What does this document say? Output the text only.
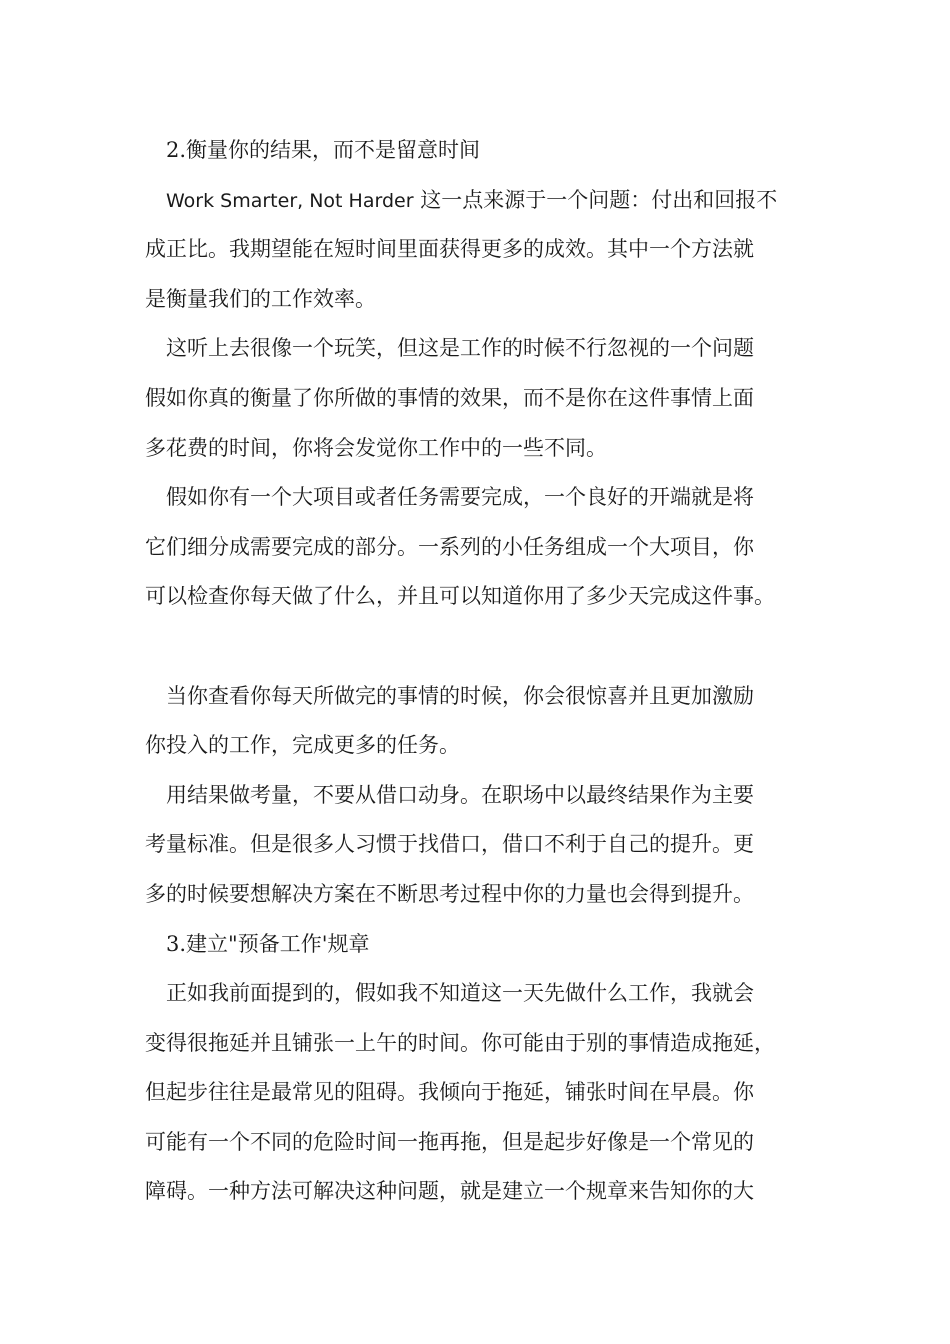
2.衡量你的结果，而不是留意时间
Work Smarter, Not Harder 这一点来源于一个问题：付出和回报不
成正比。我期望能在短时间里面获得更多的成效。其中一个方法就
是衡量我们的工作效率。
这听上去很像一个玩笑，但这是工作的时候不行忽视的一个问题
假如你真的衡量了你所做的事情的效果，而不是你在这件事情上面
多花费的时间，你将会发觉你工作中的一些不同。
假如你有一个大项目或者任务需要完成，一个良好的开端就是将
它们细分成需要完成的部分。一系列的小任务组成一个大项目，你
可以检查你每天做了什么，并且可以知道你用了多少天完成这件事。
当你查看你每天所做完的事情的时候，你会很惊喜并且更加激励
你投入的工作，完成更多的任务。
用结果做考量，不要从借口动身。在职场中以最终结果作为主要
考量标准。但是很多人习惯于找借口，借口不利于自己的提升。更
多的时候要想解决方案在不断思考过程中你的力量也会得到提升。
3.建立"预备工作'规章
正如我前面提到的，假如我不知道这一天先做什么工作，我就会
变得很拖延并且铺张一上午的时间。你可能由于别的事情造成拖延，
但起步往往是最常见的阻碍。我倾向于拖延，铺张时间在早晨。你
可能有一个不同的危险时间一拖再拖，但是起步好像是一个常见的
障碍。一种方法可解决这种问题，就是建立一个规章来告知你的大
